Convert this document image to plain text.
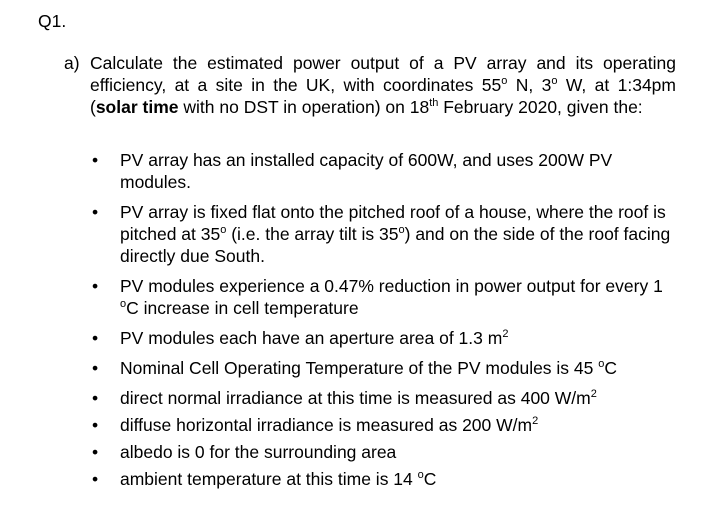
Q1.
a) Calculate the estimated power output of a PV array and its operating efficiency, at a site in the UK, with coordinates 55$^o$ N, 3$^o$ W, at 1:34pm (solar time with no DST in operation) on 18th February 2020, given the:
•	PV array has an installed capacity of 600W, and uses 200W PV modules.
•	PV array is fixed flat onto the pitched roof of a house, where the roof is pitched at 35$^o$ (i.e. the array tilt is 35$^o$) and on the side of the roof facing directly due South.
•	PV modules experience a 0.47% reduction in power output for every 1 $^o$C increase in cell temperature
•	PV modules each have an aperture area of 1.3 $m^2$
•	Nominal Cell Operating Temperature of the PV modules is 45 $^o$C
•	direct normal irradiance at this time is measured as 400 $W/m^2$
•	diffuse horizontal irradiance is measured as 200 $W/m^2$
•	albedo is 0 for the surrounding area
•	ambient temperature at this time is 14 $^o$C
